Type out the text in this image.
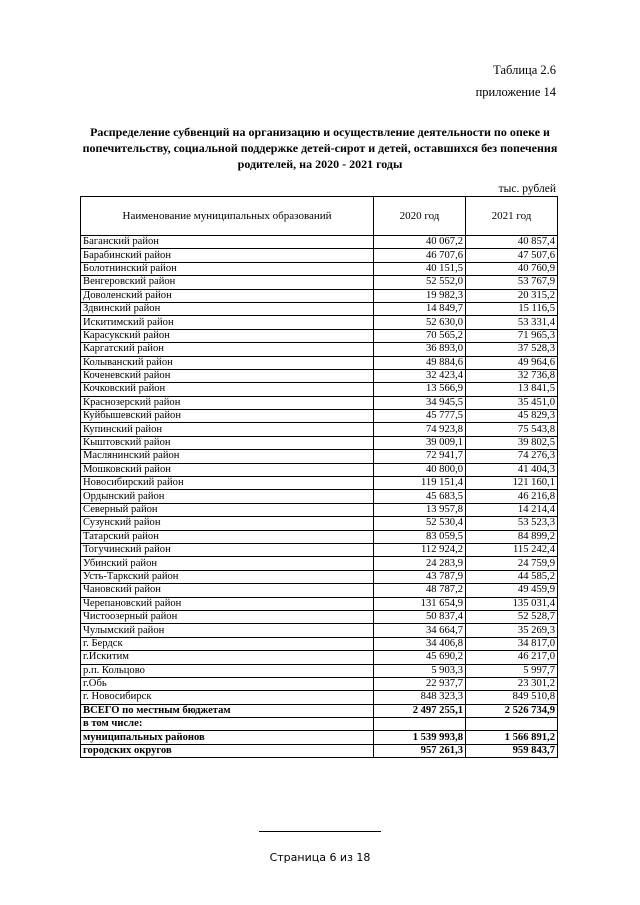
Таблица 2.6
приложение 14
Распределение субвенций на организацию и осуществление деятельности по опеке и попечительству, социальной поддержке детей-сирот и детей, оставшихся без попечения родителей, на 2020 - 2021 годы
тыс. рублей
Наименование муниципальных образований	2020 год	2021 год
Баганский район	40 067,2	40 857,4
Барабинский район	46 707,6	47 507,6
Болотнинский район	40 151,5	40 760,9
Венгеровский район	52 552,0	53 767,9
Доволенский район	19 982,3	20 315,2
Здвинский район	14 849,7	15 116,5
Искитимский район	52 630,0	53 331,4
Карасукский район	70 565,2	71 965,3
Каргатский район	36 893,0	37 528,3
Колыванский район	49 884,6	49 964,6
Коченевский район	32 423,4	32 736,8
Кочковский район	13 566,9	13 841,5
Краснозерский район	34 945,5	35 451,0
Куйбышевский район	45 777,5	45 829,3
Купинский район	74 923,8	75 543,8
Кыштовский район	39 009,1	39 802,5
Маслянинский район	72 941,7	74 276,3
Мошковский район	40 800,0	41 404,3
Новосибирский район	119 151,4	121 160,1
Ордынский район	45 683,5	46 216,8
Северный район	13 957,8	14 214,4
Сузунский район	52 530,4	53 523,3
Татарский район	83 059,5	84 899,2
Тогучинский район	112 924,2	115 242,4
Убинский район	24 283,9	24 759,9
Усть-Таркский район	43 787,9	44 585,2
Чановский район	48 787,2	49 459,9
Черепановский район	131 654,9	135 031,4
Чистоозерный район	50 837,4	52 528,7
Чулымский район	34 664,7	35 269,3
г. Бердск	34 406,8	34 817,0
г.Искитим	45 690,2	46 217,0
р.п. Кольцово	5 903,3	5 997,7
г.Обь	22 937,7	23 301,2
г. Новосибирск	848 323,3	849 510,8
ВСЕГО по местным бюджетам	2 497 255,1	2 526 734,9
в том числе:		
муниципальных районов	1 539 993,8	1 566 891,2
городских округов	957 261,3	959 843,7
Страница 6 из 18
